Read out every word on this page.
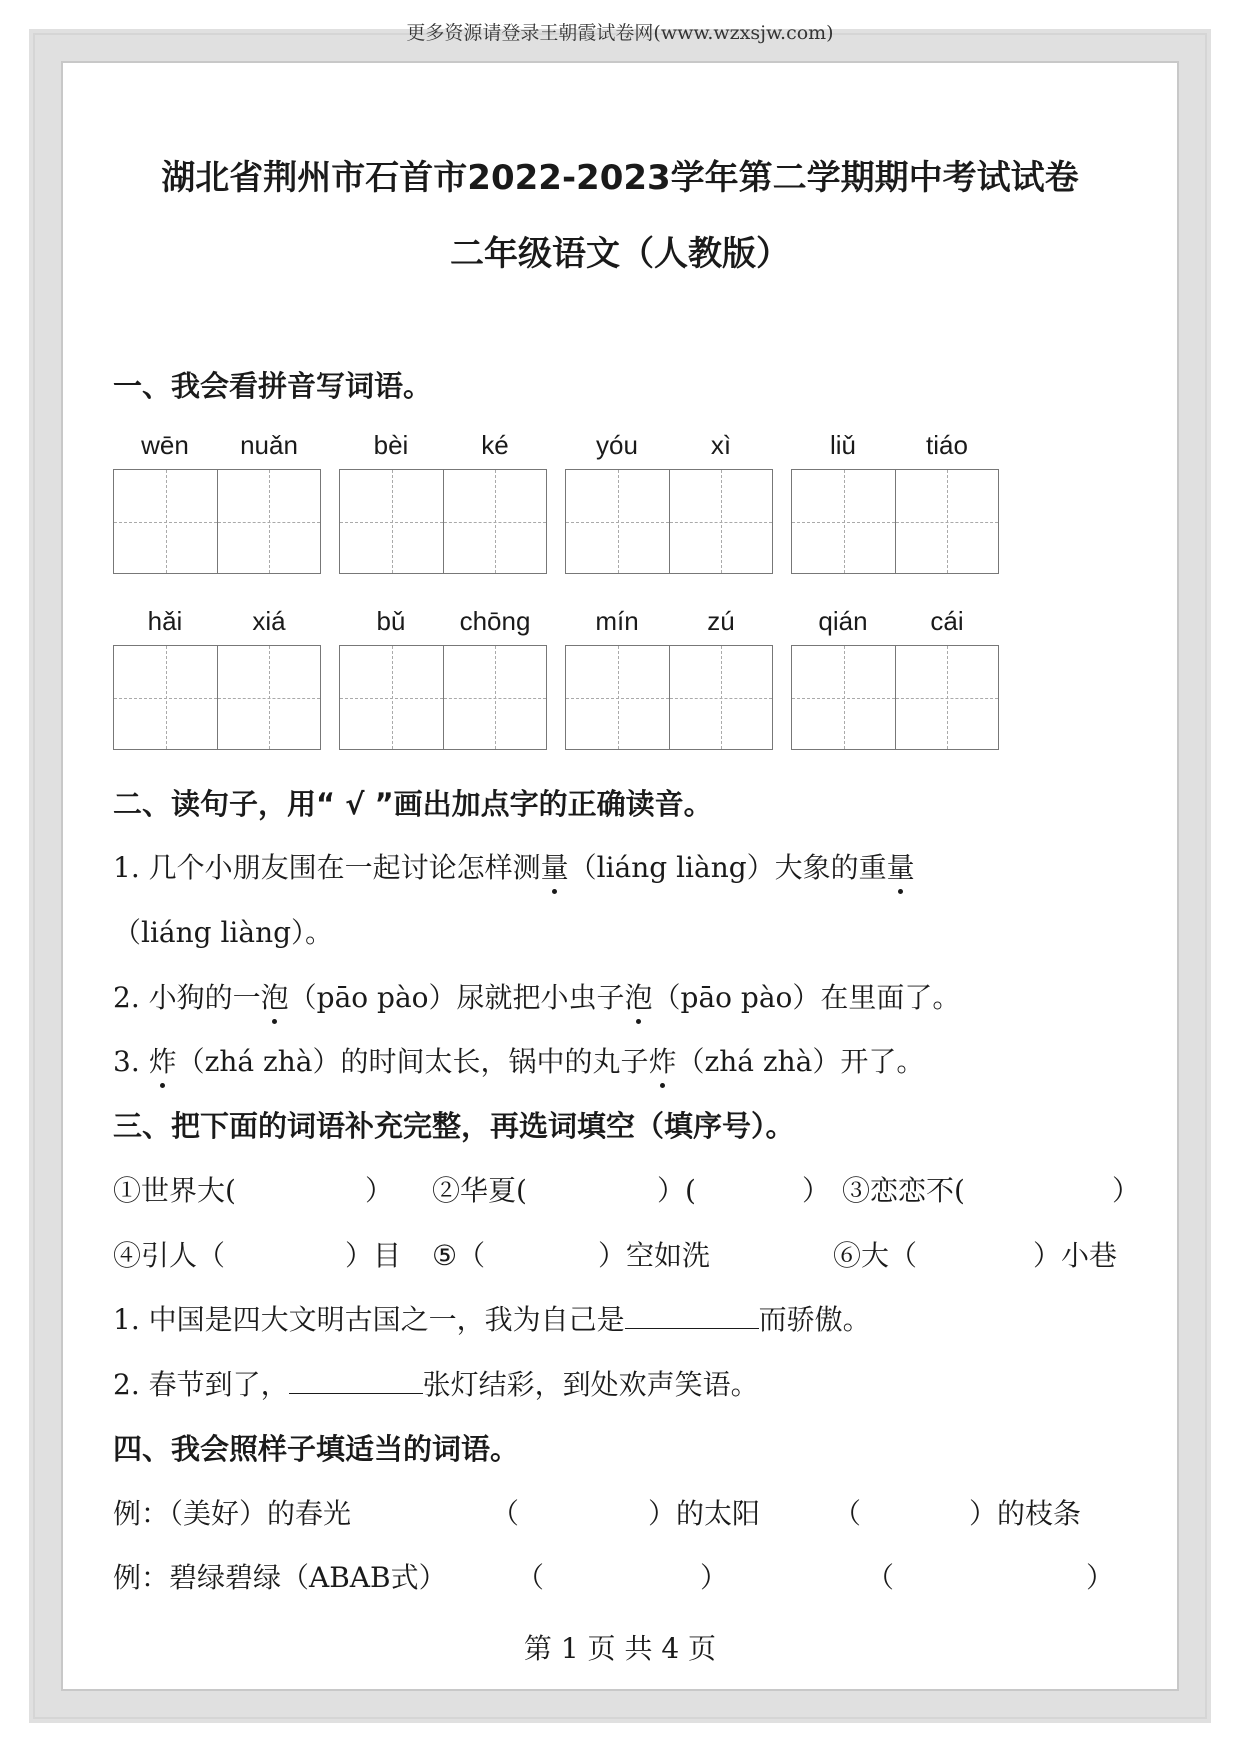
更多资源请登录王朝霞试卷网(www.wzxsjw.com)
湖北省荆州市石首市2022-2023学年第二学期期中考试试卷
二年级语文（人教版）
一、我会看拼音写词语。
wēn	nuǎn	bèi	ké	yóu	xì	liǔ	tiáo
hǎi	xiá	bǔ	chōng	mín	zú	qián	cái
二、读句子，用“ √ ”画出加点字的正确读音。
1. 几个小朋友围在一起讨论怎样测量（liáng liàng）大象的重量
（liáng liàng）。
2. 小狗的一泡（pāo pào）尿就把小虫子泡（pāo pào）在里面了。
3. 炸（zhá zhà）的时间太长，锅中的丸子炸（zhá zhà）开了。
三、把下面的词语补充完整，再选词填空（填序号）。
①世界大(	） ②华夏(	）(	） ③恋恋不(	）
④引人（	）目 ⑤（	）空如洗	⑥大（	）小巷
1. 中国是四大文明古国之一，我为自己是	而骄傲。
2. 春节到了，	张灯结彩，到处欢声笑语。
四、我会照样子填适当的词语。
例：（美好）的春光	（	）的太阳	（	）的枝条
例：碧绿碧绿（ABAB式） （	）	（	）
第 1 页 共 4 页
